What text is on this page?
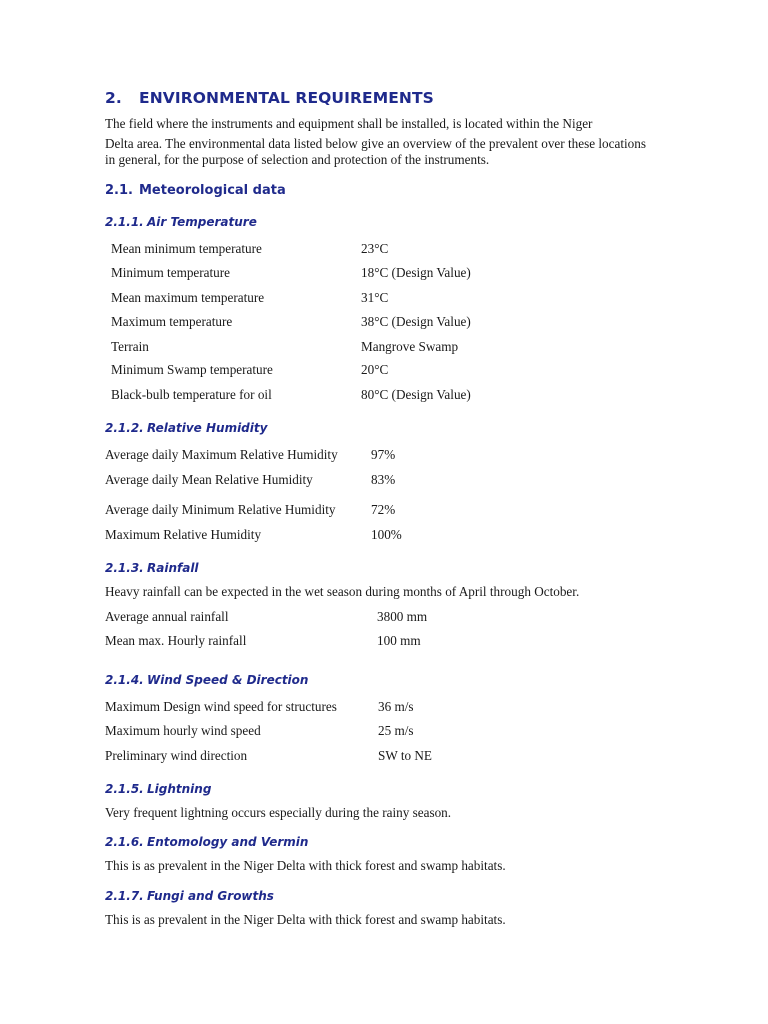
2. ENVIRONMENTAL REQUIREMENTS
The field where the instruments and equipment shall be installed, is located within the Niger
Delta area. The environmental data listed below give an overview of the prevalent over these locations
in general, for the purpose of selection and protection of the instruments.
2.1. Meteorological data
2.1.1. Air Temperature
Mean minimum temperature	23°C
Minimum temperature	18°C (Design Value)
Mean maximum temperature	31°C
Maximum temperature	38°C (Design Value)
Terrain	Mangrove Swamp
Minimum Swamp temperature	20°C
Black-bulb temperature for oil	80°C (Design Value)
2.1.2. Relative Humidity
Average daily Maximum Relative Humidity	97%
Average daily Mean Relative Humidity	83%
Average daily Minimum Relative Humidity	72%
Maximum Relative Humidity	100%
2.1.3. Rainfall
Heavy rainfall can be expected in the wet season during months of April through October.
Average annual rainfall	3800 mm
Mean max. Hourly rainfall	100 mm
2.1.4. Wind Speed & Direction
Maximum Design wind speed for structures	36 m/s
Maximum hourly wind speed	25 m/s
Preliminary wind direction	SW to NE
2.1.5. Lightning
Very frequent lightning occurs especially during the rainy season.
2.1.6. Entomology and Vermin
This is as prevalent in the Niger Delta with thick forest and swamp habitats.
2.1.7. Fungi and Growths
This is as prevalent in the Niger Delta with thick forest and swamp habitats.
